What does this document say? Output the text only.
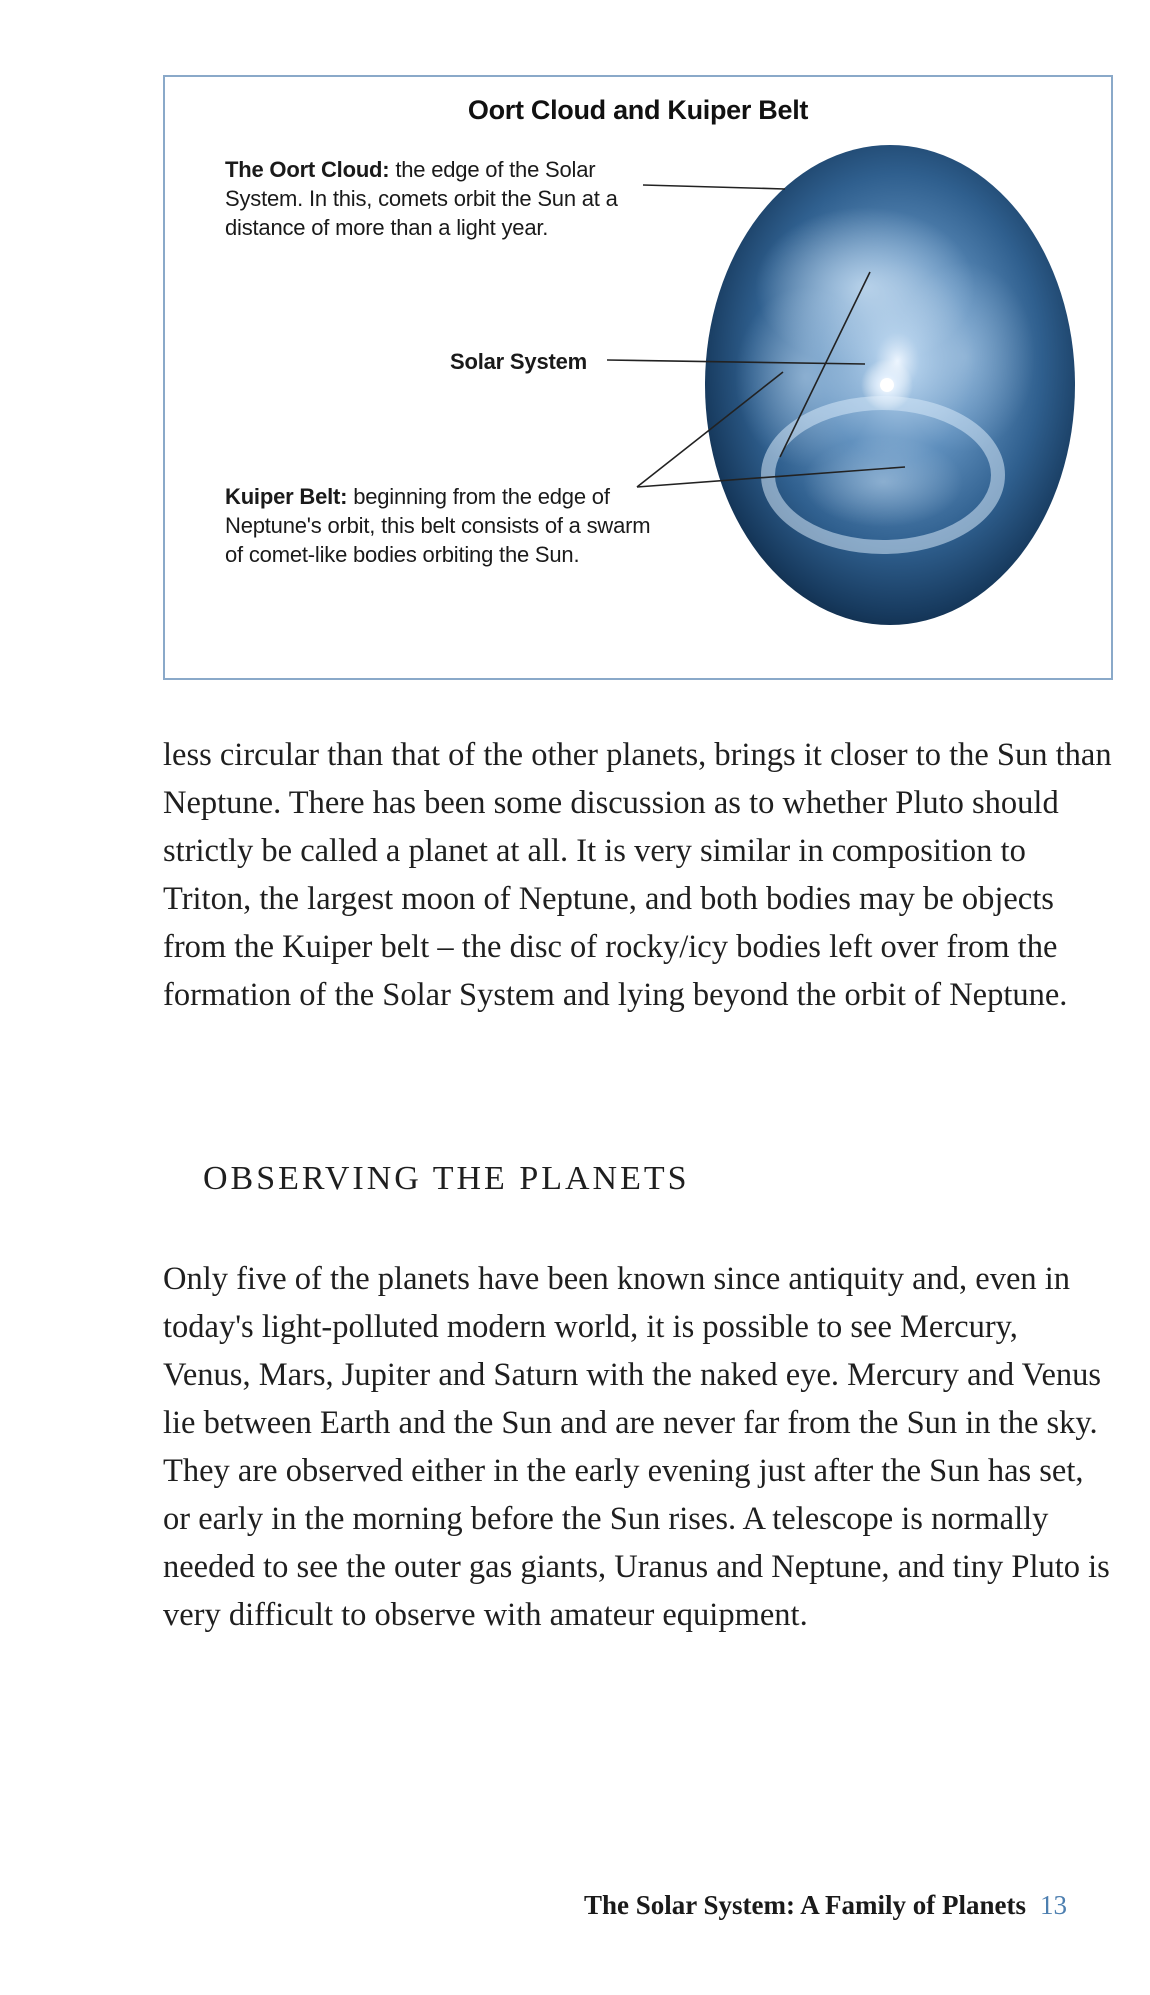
Oort Cloud and Kuiper Belt
The Oort Cloud: the edge of the Solar System. In this, comets orbit the Sun at a distance of more than a light year.
Solar System
Kuiper Belt: beginning from the edge of Neptune's orbit, this belt consists of a swarm of comet-like bodies orbiting the Sun.

less circular than that of the other planets, brings it closer to the Sun than Neptune. There has been some discussion as to whether Pluto should strictly be called a planet at all. It is very similar in composition to Triton, the largest moon of Neptune, and both bodies may be objects from the Kuiper belt – the disc of rocky/icy bodies left over from the formation of the Solar System and lying beyond the orbit of Neptune.

OBSERVING THE PLANETS

Only five of the planets have been known since antiquity and, even in today's light-polluted modern world, it is possible to see Mercury, Venus, Mars, Jupiter and Saturn with the naked eye. Mercury and Venus lie between Earth and the Sun and are never far from the Sun in the sky. They are observed either in the early evening just after the Sun has set, or early in the morning before the Sun rises. A telescope is normally needed to see the outer gas giants, Uranus and Neptune, and tiny Pluto is very difficult to observe with amateur equipment.

The Solar System: A Family of Planets 13
